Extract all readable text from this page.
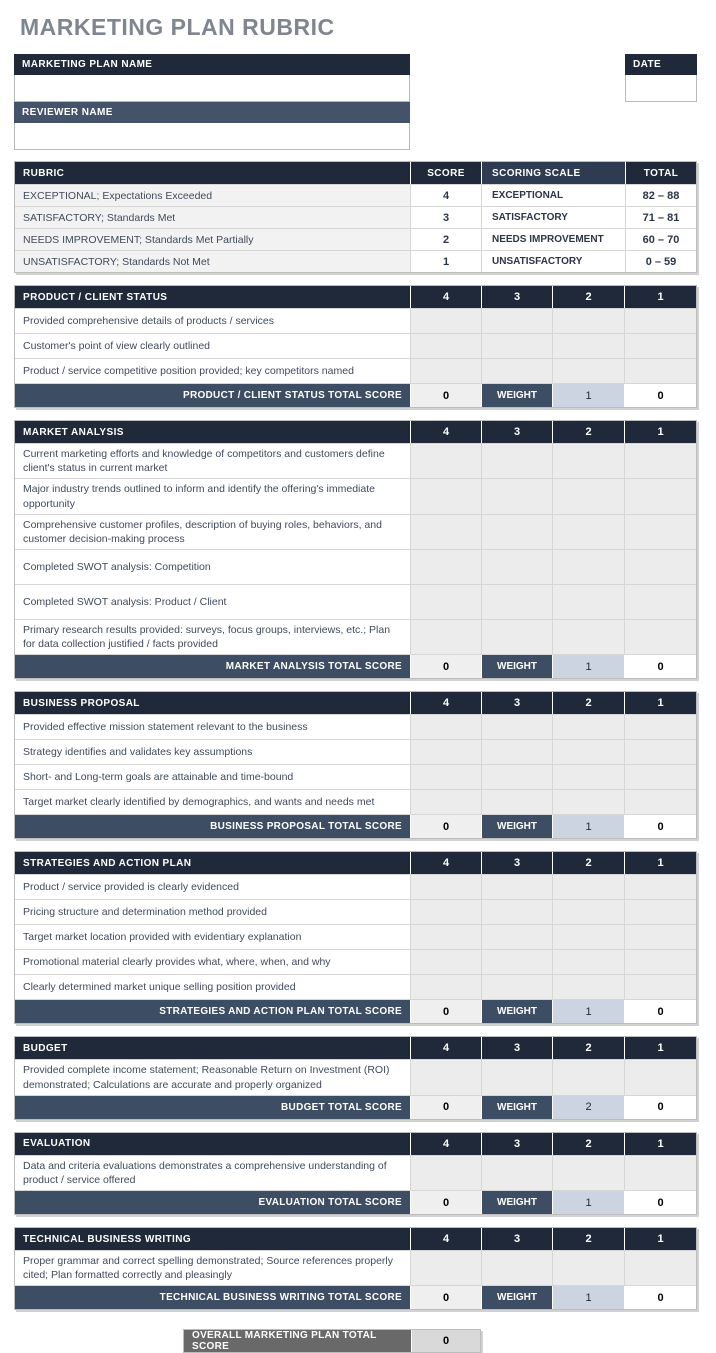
MARKETING PLAN RUBRIC
MARKETING PLAN NAME
REVIEWER NAME
DATE
RUBRIC	SCORE	SCORING SCALE	TOTAL
EXCEPTIONAL; Expectations Exceeded	4	EXCEPTIONAL	82 – 88
SATISFACTORY; Standards Met	3	SATISFACTORY	71 – 81
NEEDS IMPROVEMENT; Standards Met Partially	2	NEEDS IMPROVEMENT	60 – 70
UNSATISFACTORY; Standards Not Met	1	UNSATISFACTORY	0 – 59
PRODUCT / CLIENT STATUS	4	3	2	1
Provided comprehensive details of products / services
Customer's point of view clearly outlined
Product / service competitive position provided; key competitors named
PRODUCT / CLIENT STATUS TOTAL SCORE	0	WEIGHT	1	0
MARKET ANALYSIS	4	3	2	1
Current marketing efforts and knowledge of competitors and customers define client's status in current market
Major industry trends outlined to inform and identify the offering's immediate opportunity
Comprehensive customer profiles, description of buying roles, behaviors, and customer decision-making process
Completed SWOT analysis: Competition
Completed SWOT analysis: Product / Client
Primary research results provided: surveys, focus groups, interviews, etc.; Plan for data collection justified / facts provided
MARKET ANALYSIS TOTAL SCORE	0	WEIGHT	1	0
BUSINESS PROPOSAL	4	3	2	1
Provided effective mission statement relevant to the business
Strategy identifies and validates key assumptions
Short- and Long-term goals are attainable and time-bound
Target market clearly identified by demographics, and wants and needs met
BUSINESS PROPOSAL TOTAL SCORE	0	WEIGHT	1	0
STRATEGIES AND ACTION PLAN	4	3	2	1
Product / service provided is clearly evidenced
Pricing structure and determination method provided
Target market location provided with evidentiary explanation
Promotional material clearly provides what, where, when, and why
Clearly determined market unique selling position provided
STRATEGIES AND ACTION PLAN TOTAL SCORE	0	WEIGHT	1	0
BUDGET	4	3	2	1
Provided complete income statement; Reasonable Return on Investment (ROI) demonstrated; Calculations are accurate and properly organized
BUDGET TOTAL SCORE	0	WEIGHT	2	0
EVALUATION	4	3	2	1
Data and criteria evaluations demonstrates a comprehensive understanding of product / service offered
EVALUATION TOTAL SCORE	0	WEIGHT	1	0
TECHNICAL BUSINESS WRITING	4	3	2	1
Proper grammar and correct spelling demonstrated; Source references properly cited; Plan formatted correctly and pleasingly
TECHNICAL BUSINESS WRITING TOTAL SCORE	0	WEIGHT	1	0
OVERALL MARKETING PLAN TOTAL SCORE	0
